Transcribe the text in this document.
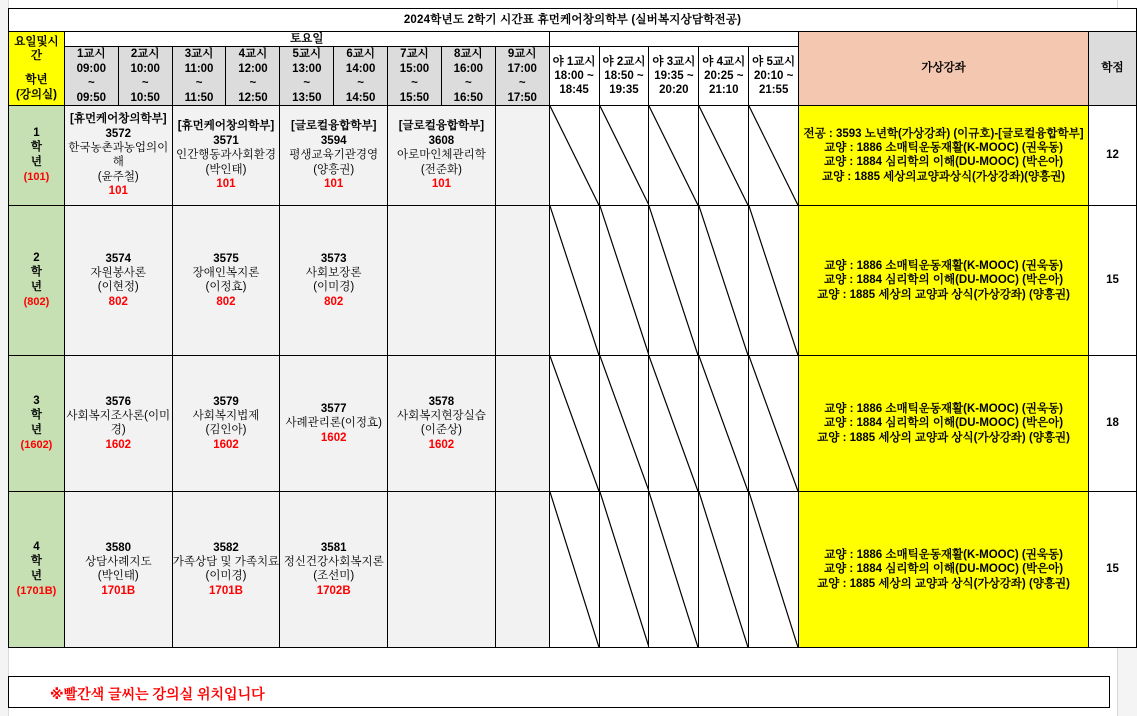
2024학년도 2학기 시간표 휴먼케어창의학부 (실버복지상담학전공)																

요일및시
간
학년
(강의실)	토요일														가상강좌	학점

	1교시
09:00
~
09:50	2교시
10:00
~
10:50	3교시
11:00
~
11:50	4교시
12:00
~
12:50	5교시
13:00
~
13:50	6교시
14:00
~
14:50	7교시
15:00
~
15:50	8교시
16:00
~
16:50	9교시
17:00
~
17:50	야 1교시 18:00 ~ 18:45	야 2교시 18:50 ~ 19:35	야 3교시 19:35 ~ 20:20	야 4교시 20:25 ~ 21:10	야 5교시 20:10 ~ 21:55		

1
학
년
(101)	[휴먼케어창의학부]
3572
한국농촌과농업의이해
(윤주철)
101		[휴먼케어창의학부]
3571
인간행동과사회환경
(박인태)
101		[글로컬융합학부]
3594
평생교육기관경영
(양흥권)
101		[글로컬융합학부]
3608
아로마인체관리학
(전준화)
101								전공 : 3593 노년학(가상강좌) (이규호)-[글로컬융합학부]
교양 : 1886 소매틱운동재활(K-MOOC) (권욱동)
교양 : 1884 심리학의 이해(DU-MOOC) (박은아)
교양 : 1885 세상의교양과상식(가상강좌)(양흥권)	12

2
학
년
(802)	3574
자원봉사론
(이현정)
802		3575
장애인복지론
(이정효)
802		3573
사회보장론
(이미경)
802										교양 : 1886 소매틱운동재활(K-MOOC) (권욱동)
교양 : 1884 심리학의 이해(DU-MOOC) (박은아)
교양 : 1885 세상의 교양과 상식(가상강좌) (양흥권)	15

3
학
년
(1602)	3576
사회복지조사론(이미경)
1602		3579
사회복지법제
(김인아)
1602		3577
사례관리론(이정효)
1602		3578
사회복지현장실습
(이준상)
1602								교양 : 1886 소매틱운동재활(K-MOOC) (권욱동)
교양 : 1884 심리학의 이해(DU-MOOC) (박은아)
교양 : 1885 세상의 교양과 상식(가상강좌) (양흥권)	18

4
학
년
(1701B)	3580
상담사례지도
(박인태)
1701B		3582
가족상담 및 가족치료
(이미경)
1701B		3581
정신건강사회복지론
(조선미)
1702B										교양 : 1886 소매틱운동재활(K-MOOC) (권욱동)
교양 : 1884 심리학의 이해(DU-MOOC) (박은아)
교양 : 1885 세상의 교양과 상식(가상강좌) (양흥권)	15
※빨간색 글씨는 강의실 위치입니다
